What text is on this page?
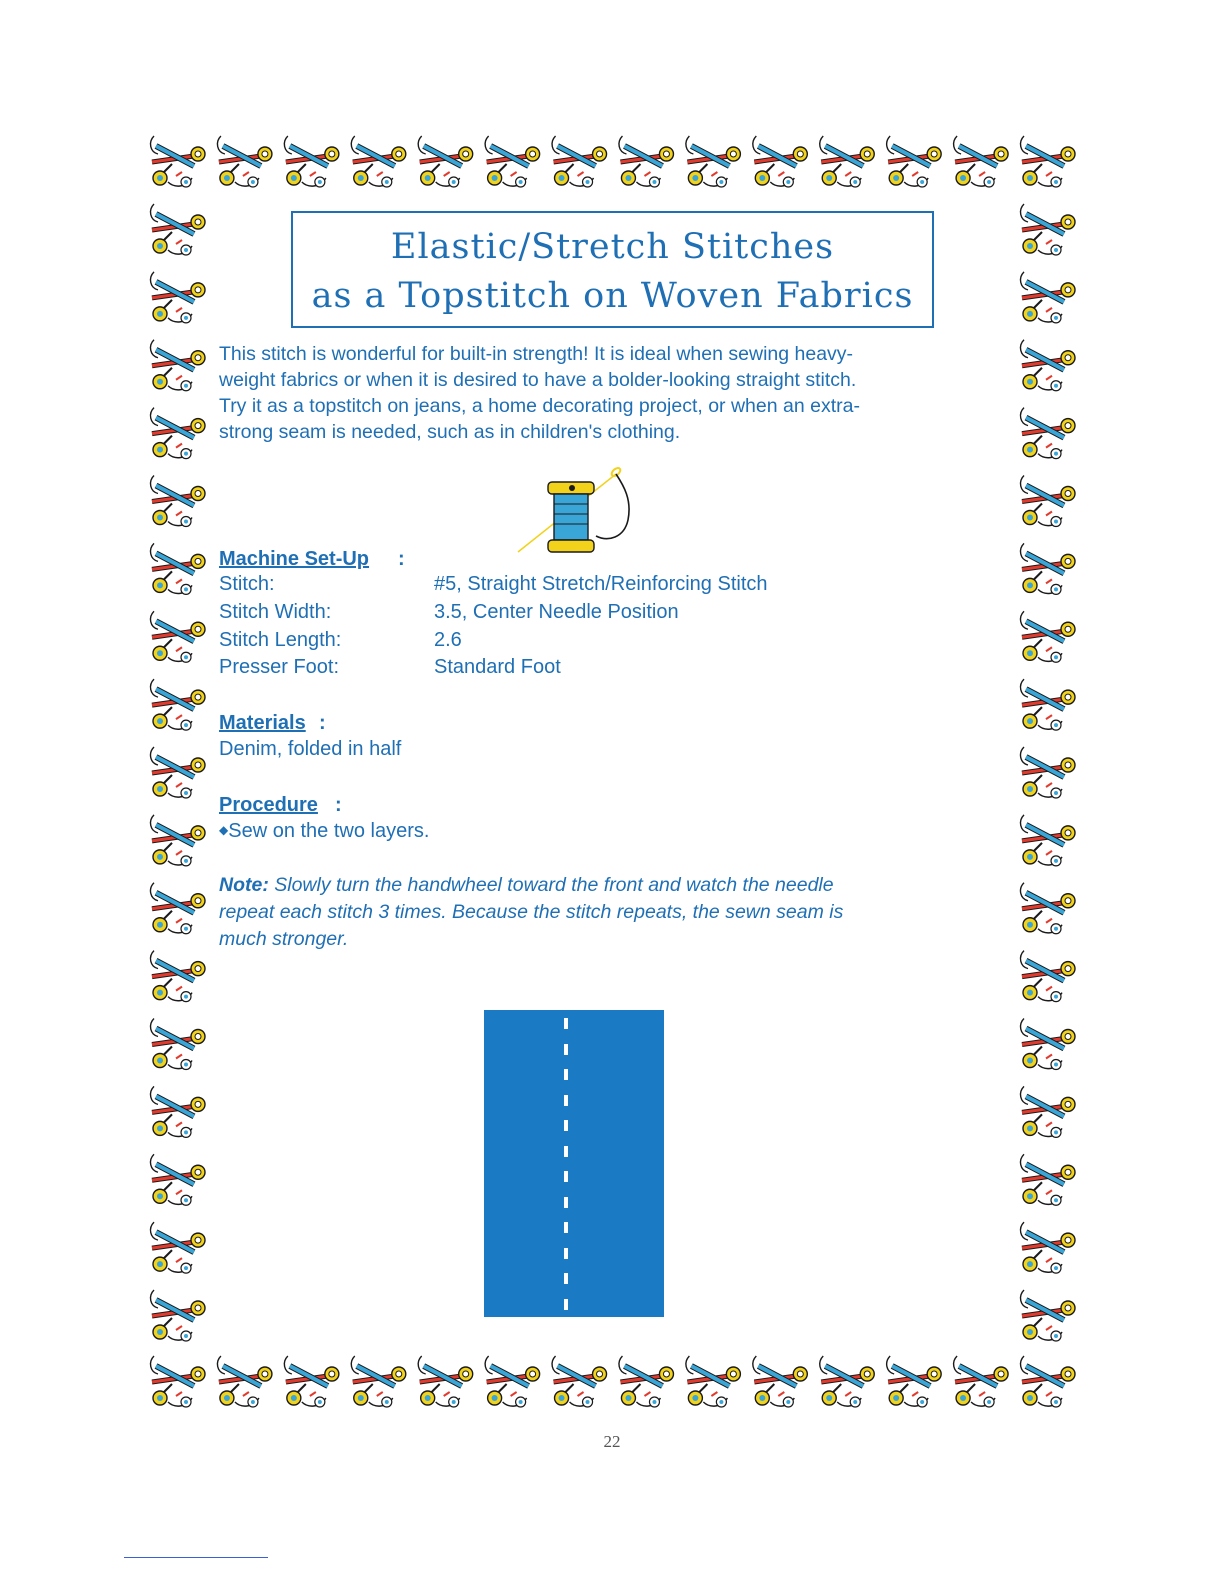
Elastic/Stretch Stitches
as a Topstitch on Woven Fabrics
This stitch is wonderful for built-in strength! It is ideal when sewing heavy-
weight fabrics or when it is desired to have a bolder-looking straight stitch.
Try it as a topstitch on jeans, a home decorating project, or when an extra-
strong seam is needed, such as in children's clothing.
Machine Set-Up :
Stitch:	#5, Straight Stretch/Reinforcing Stitch
Stitch Width:	3.5, Center Needle Position
Stitch Length:	2.6
Presser Foot:	Standard Foot
Materials :
Denim, folded in half
Procedure :
◆Sew on the two layers.
Note: Slowly turn the handwheel toward the front and watch the needle
repeat each stitch 3 times. Because the stitch repeats, the sewn seam is
much stronger.
22
